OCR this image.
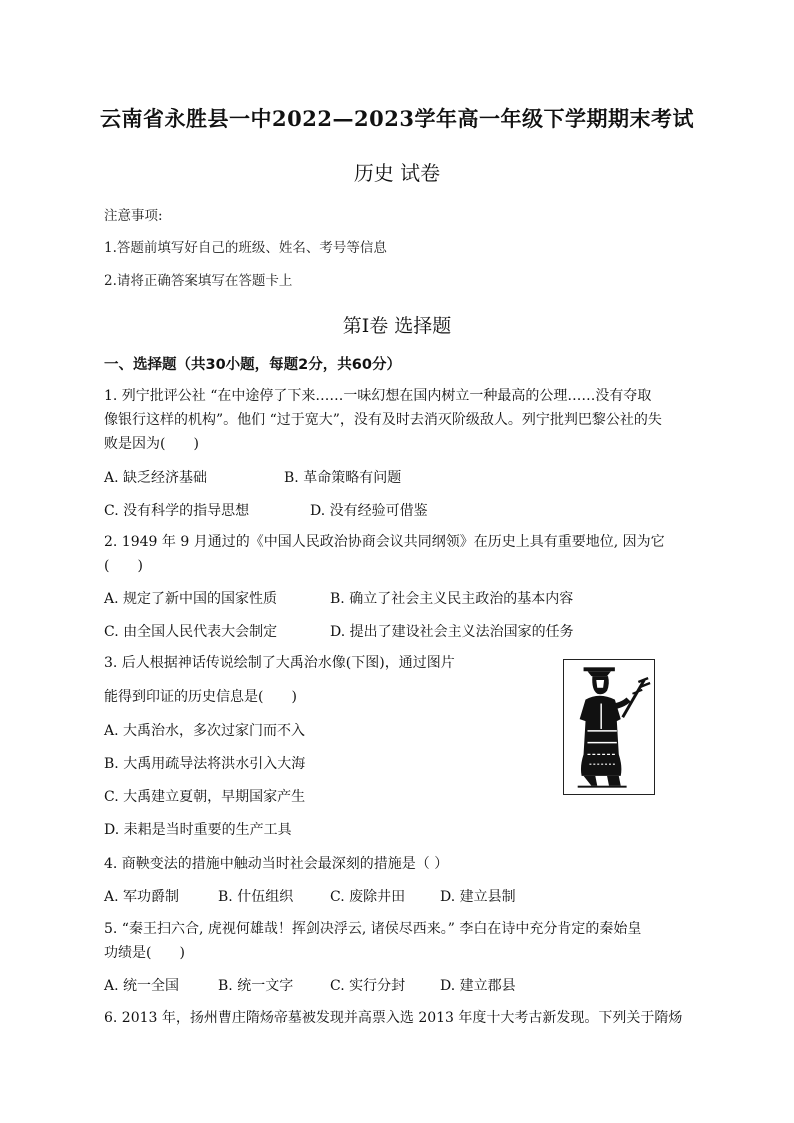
云南省永胜县一中2022—2023学年高一年级下学期期末考试
历史 试卷
注意事项:
1.答题前填写好自己的班级、姓名、考号等信息
2.请将正确答案填写在答题卡上
第Ⅰ卷 选择题
一、选择题（共30小题，每题2分，共60分）
1. 列宁批评公社 “在中途停了下来……一味幻想在国内树立一种最高的公理……没有夺取
像银行这样的机构”。他们 “过于宽大”，没有及时去消灭阶级敌人。列宁批判巴黎公社的失
败是因为(　　)
A. 缺乏经济基础	B. 革命策略有问题
C. 没有科学的指导思想	D. 没有经验可借鉴
2. 1949 年 9 月通过的《中国人民政治协商会议共同纲领》在历史上具有重要地位, 因为它
(　　)
A. 规定了新中国的国家性质	B. 确立了社会主义民主政治的基本内容
C. 由全国人民代表大会制定	D. 提出了建设社会主义法治国家的任务
3. 后人根据神话传说绘制了大禹治水像(下图)，通过图片
能得到印证的历史信息是(　　)
A. 大禹治水，多次过家门而不入
B. 大禹用疏导法将洪水引入大海
C. 大禹建立夏朝，早期国家产生
D. 耒耜是当时重要的生产工具
4. 商鞅变法的措施中触动当时社会最深刻的措施是（ ）
A. 军功爵制	B. 什伍组织	C. 废除井田 D. 建立县制
5. “秦王扫六合, 虎视何雄哉！挥剑决浮云, 诸侯尽西来。” 李白在诗中充分肯定的秦始皇
功绩是(　　)
A. 统一全国	B. 统一文字	C. 实行分封 D. 建立郡县
6. 2013 年，扬州曹庄隋炀帝墓被发现并高票入选 2013 年度十大考古新发现。下列关于隋炀
